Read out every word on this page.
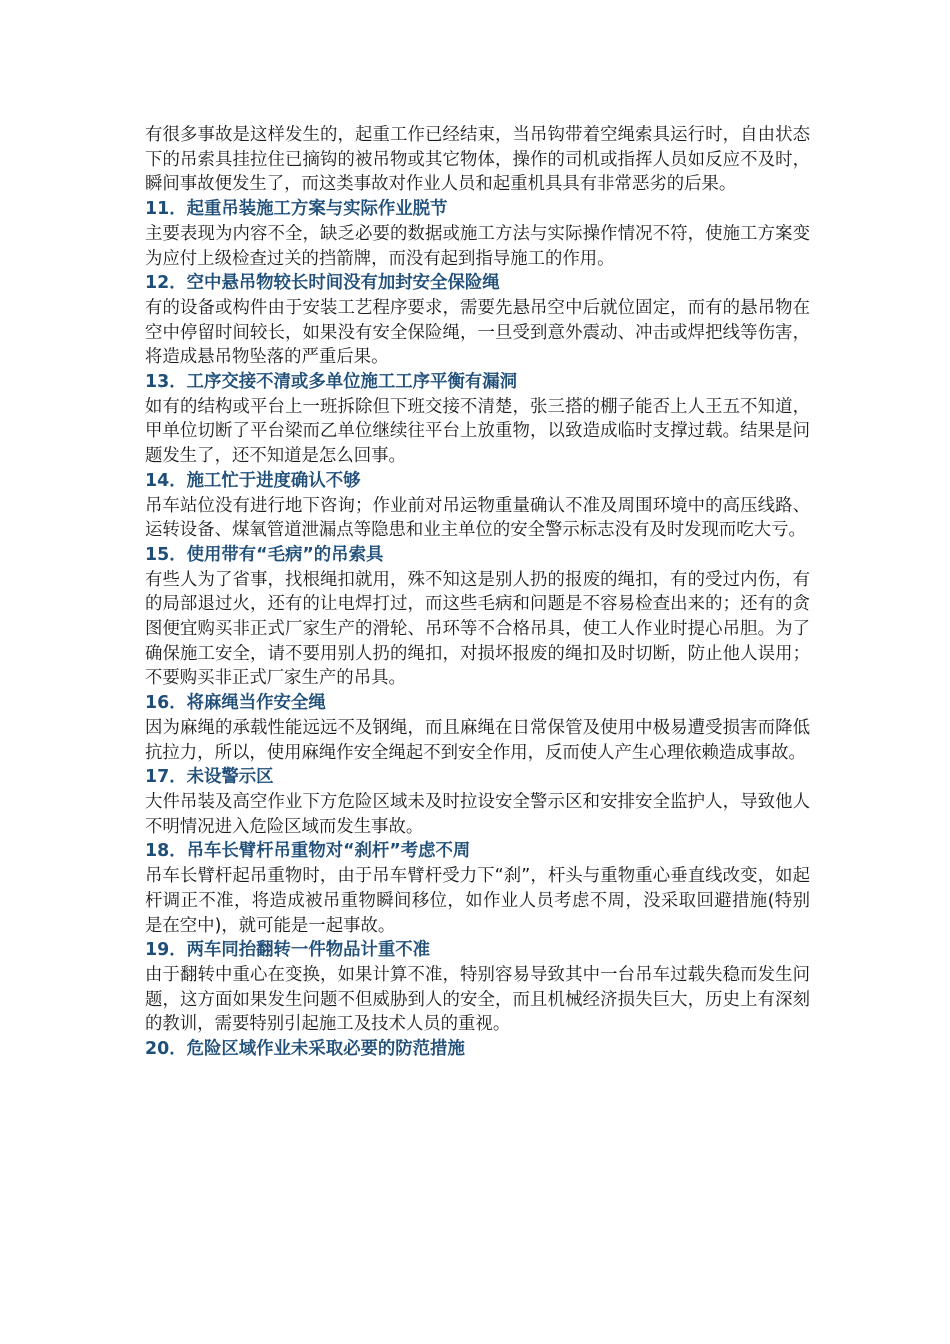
有很多事故是这样发生的，起重工作已经结束，当吊钩带着空绳索具运行时，自由状态下的吊索具挂拉住已摘钩的被吊物或其它物体，操作的司机或指挥人员如反应不及时，瞬间事故便发生了，而这类事故对作业人员和起重机具具有非常恶劣的后果。

11．起重吊装施工方案与实际作业脱节

主要表现为内容不全，缺乏必要的数据或施工方法与实际操作情况不符，使施工方案变为应付上级检查过关的挡箭牌，而没有起到指导施工的作用。

12．空中悬吊物较长时间没有加封安全保险绳

有的设备或构件由于安装工艺程序要求，需要先悬吊空中后就位固定，而有的悬吊物在空中停留时间较长，如果没有安全保险绳，一旦受到意外震动、冲击或焊把线等伤害，将造成悬吊物坠落的严重后果。

13．工序交接不清或多单位施工工序平衡有漏洞

如有的结构或平台上一班拆除但下班交接不清楚，张三搭的棚子能否上人王五不知道，甲单位切断了平台梁而乙单位继续往平台上放重物，以致造成临时支撑过载。结果是问题发生了，还不知道是怎么回事。

14．施工忙于进度确认不够

吊车站位没有进行地下咨询；作业前对吊运物重量确认不准及周围环境中的高压线路、运转设备、煤氧管道泄漏点等隐患和业主单位的安全警示标志没有及时发现而吃大亏。

15．使用带有“毛病”的吊索具

有些人为了省事，找根绳扣就用，殊不知这是别人扔的报废的绳扣，有的受过内伤，有的局部退过火，还有的让电焊打过，而这些毛病和问题是不容易检查出来的；还有的贪图便宜购买非正式厂家生产的滑轮、吊环等不合格吊具，使工人作业时提心吊胆。为了确保施工安全，请不要用别人扔的绳扣，对损坏报废的绳扣及时切断，防止他人误用；不要购买非正式厂家生产的吊具。

16．将麻绳当作安全绳

因为麻绳的承载性能远远不及钢绳，而且麻绳在日常保管及使用中极易遭受损害而降低抗拉力，所以，使用麻绳作安全绳起不到安全作用，反而使人产生心理依赖造成事故。

17．未设警示区

大件吊装及高空作业下方危险区域未及时拉设安全警示区和安排安全监护人，导致他人不明情况进入危险区域而发生事故。

18．吊车长臂杆吊重物对“刹杆”考虑不周

吊车长臂杆起吊重物时，由于吊车臂杆受力下“刹”，杆头与重物重心垂直线改变，如起杆调正不准，将造成被吊重物瞬间移位，如作业人员考虑不周，没采取回避措施(特别是在空中)，就可能是一起事故。

19．两车同抬翻转一件物品计重不准

由于翻转中重心在变换，如果计算不准，特别容易导致其中一台吊车过载失稳而发生问题，这方面如果发生问题不但威胁到人的安全，而且机械经济损失巨大，历史上有深刻的教训，需要特别引起施工及技术人员的重视。

20．危险区域作业未采取必要的防范措施
